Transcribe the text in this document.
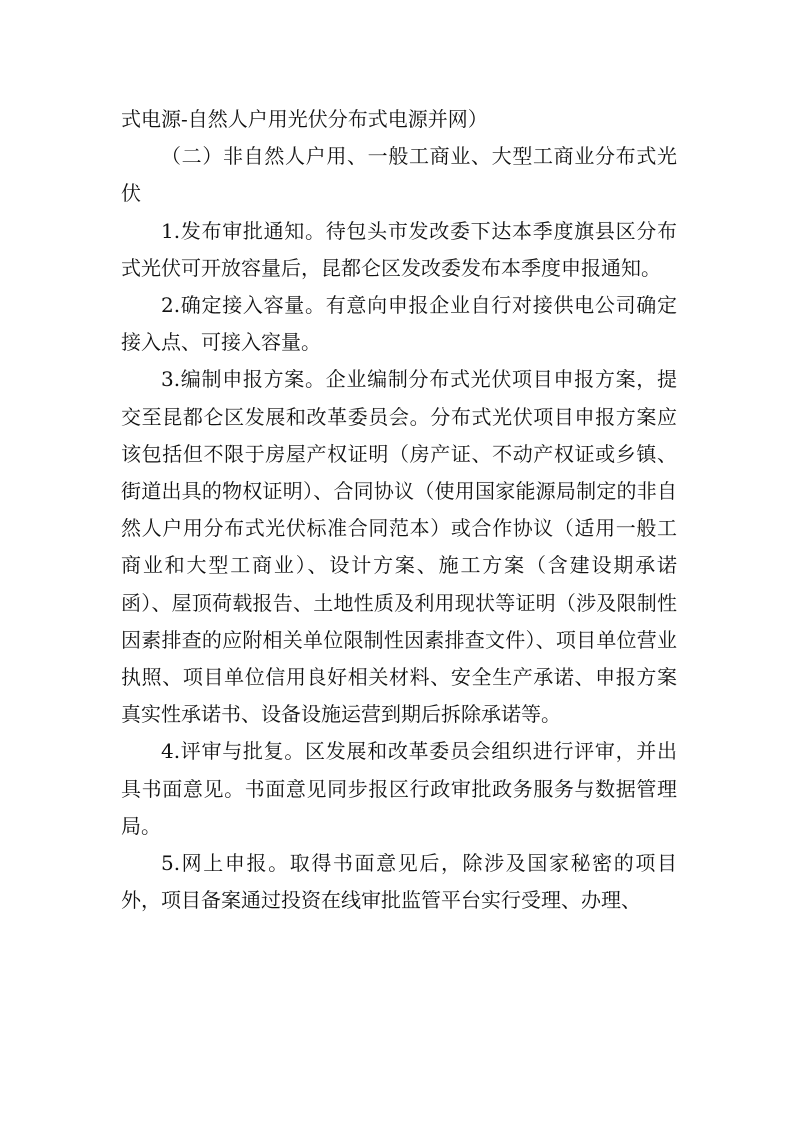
式电源-自然人户用光伏分布式电源并网）

（二）非自然人户用、一般工商业、大型工商业分布式光伏

1.发布审批通知。待包头市发改委下达本季度旗县区分布式光伏可开放容量后，昆都仑区发改委发布本季度申报通知。

2.确定接入容量。有意向申报企业自行对接供电公司确定接入点、可接入容量。

3.编制申报方案。企业编制分布式光伏项目申报方案，提交至昆都仑区发展和改革委员会。分布式光伏项目申报方案应该包括但不限于房屋产权证明（房产证、不动产权证或乡镇、街道出具的物权证明）、合同协议（使用国家能源局制定的非自然人户用分布式光伏标准合同范本）或合作协议（适用一般工商业和大型工商业）、设计方案、施工方案（含建设期承诺函）、屋顶荷载报告、土地性质及利用现状等证明（涉及限制性因素排查的应附相关单位限制性因素排查文件）、项目单位营业执照、项目单位信用良好相关材料、安全生产承诺、申报方案真实性承诺书、设备设施运营到期后拆除承诺等。

4.评审与批复。区发展和改革委员会组织进行评审，并出具书面意见。书面意见同步报区行政审批政务服务与数据管理局。

5.网上申报。取得书面意见后，除涉及国家秘密的项目外，项目备案通过投资在线审批监管平台实行受理、办理、
